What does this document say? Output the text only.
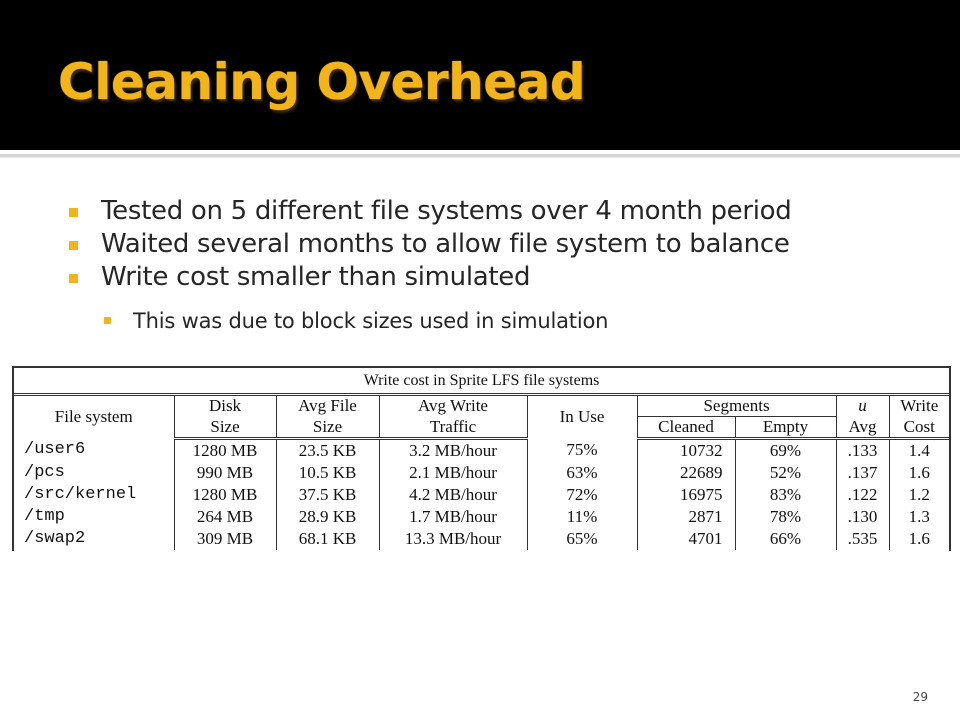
Cleaning Overhead
Tested on 5 different file systems over 4 month period
Waited several months to allow file system to balance
Write cost smaller than simulated
This was due to block sizes used in simulation
Write cost in Sprite LFS file systems
File system	Disk	Avg File	Avg Write	In Use	Segments		u	Write
	Size	Size	Traffic		Cleaned	Empty	Avg	Cost
/user6	1280 MB	23.5 KB	3.2 MB/hour	75%	10732	69%	.133	1.4
/pcs	990 MB	10.5 KB	2.1 MB/hour	63%	22689	52%	.137	1.6
/src/kernel	1280 MB	37.5 KB	4.2 MB/hour	72%	16975	83%	.122	1.2
/tmp	264 MB	28.9 KB	1.7 MB/hour	11%	2871	78%	.130	1.3
/swap2	309 MB	68.1 KB	13.3 MB/hour	65%	4701	66%	.535	1.6
29
